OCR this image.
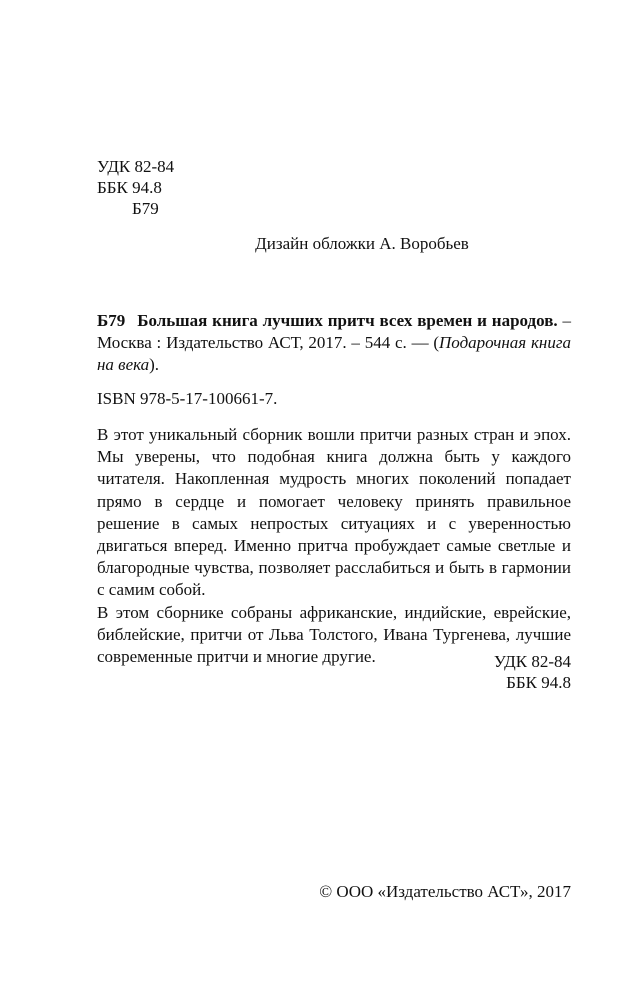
УДК 82-84
ББК 94.8
Б79
Дизайн обложки А. Воробьев
Б79 Большая книга лучших притч всех времен и народов. – Москва : Издательство АСТ, 2017. – 544 с. — (Подарочная книга на века).
ISBN 978-5-17-100661-7.

В этот уникальный сборник вошли притчи разных стран и эпох. Мы уверены, что подобная книга должна быть у каждого читателя. Накопленная мудрость многих поколений попадает прямо в сердце и помогает человеку принять правильное решение в самых непростых ситуациях и с уверенностью двигаться вперед. Именно притча пробуждает самые светлые и благородные чувства, позволяет расслабиться и быть в гармонии с самим собой.

В этом сборнике собраны африканские, индийские, еврейские, библейские, притчи от Льва Толстого, Ивана Тургенева, лучшие современные притчи и многие другие.	УДК 82-84
ББК 94.8
© ООО «Издательство АСТ», 2017
